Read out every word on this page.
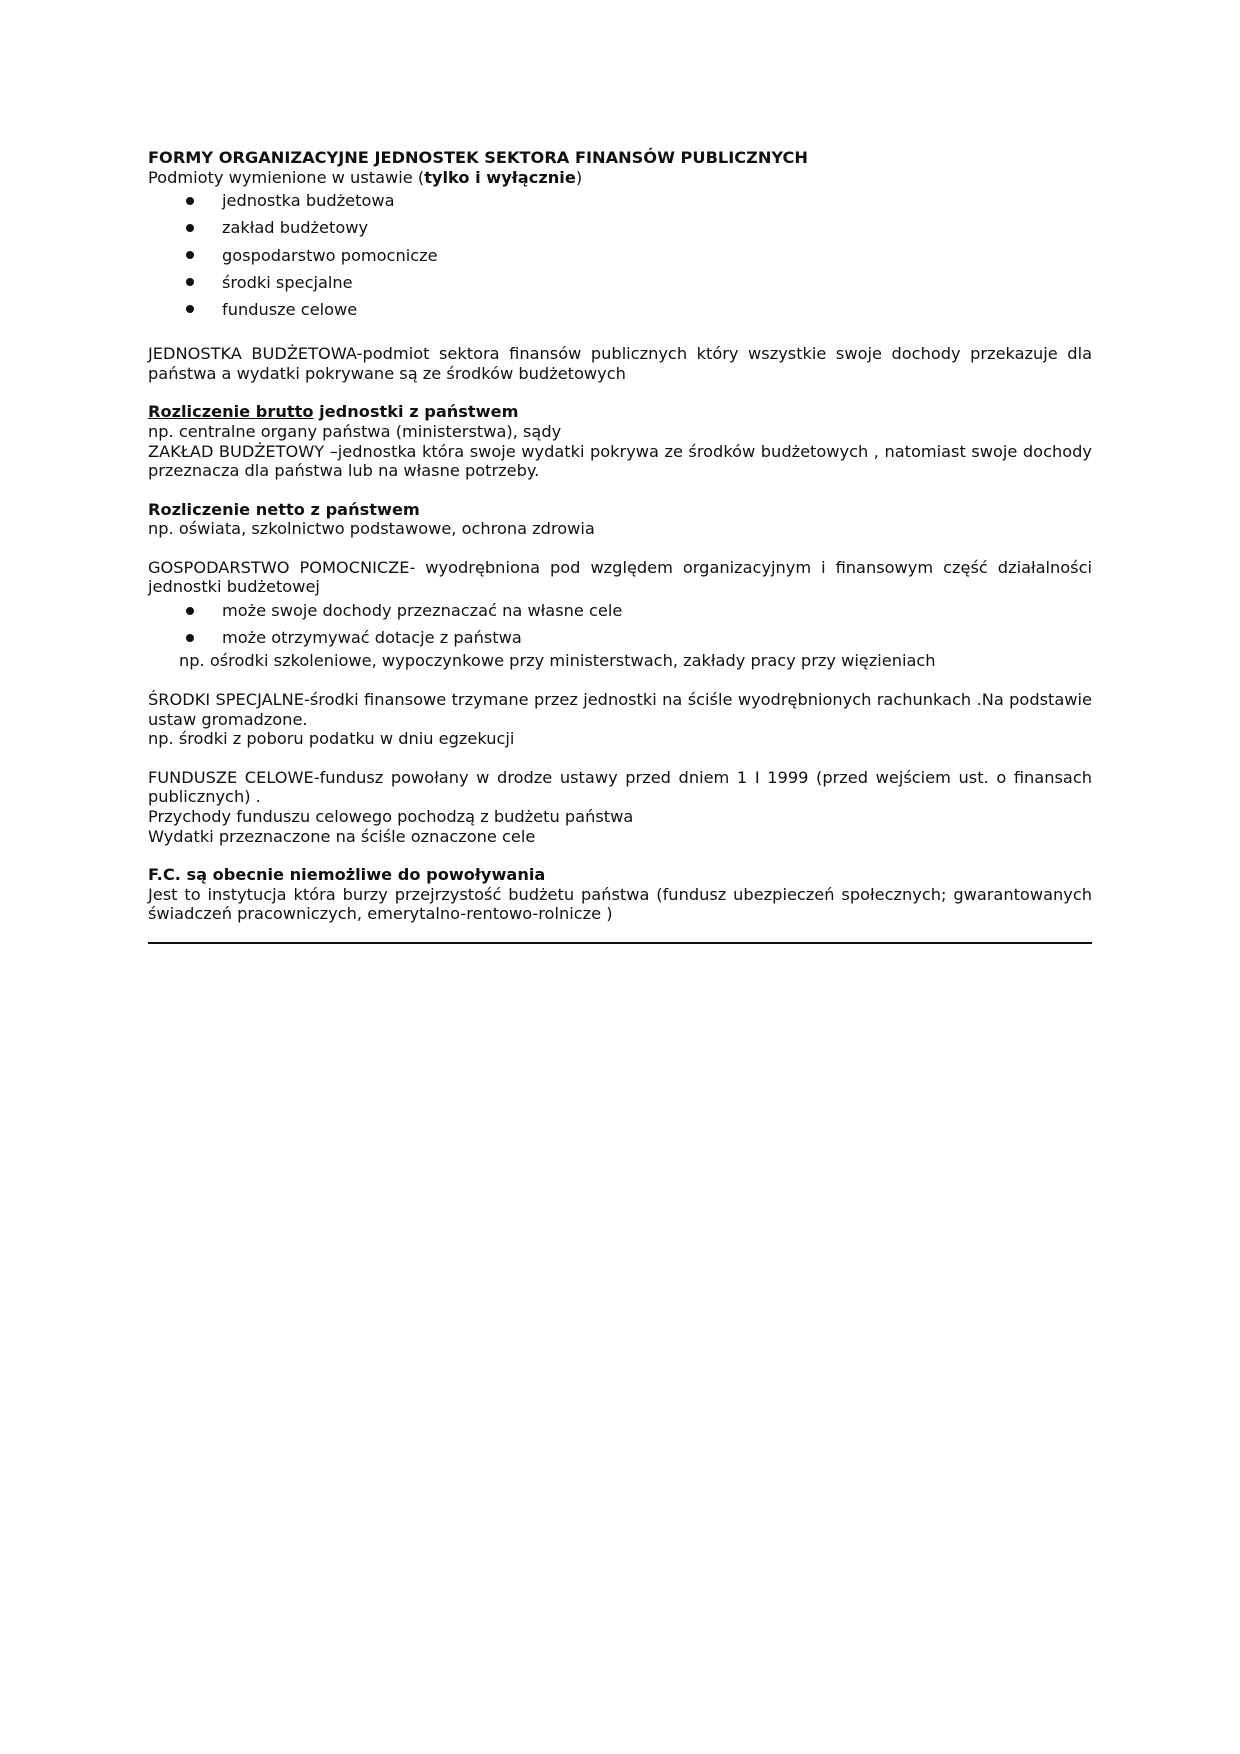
FORMY ORGANIZACYJNE JEDNOSTEK SEKTORA FINANSÓW PUBLICZNYCH

Podmioty wymienione w ustawie (tylko i wyłącznie)

jednostka budżetowa
zakład budżetowy
gospodarstwo pomocnicze
środki specjalne
fundusze celowe

JEDNOSTKA BUDŻETOWA-podmiot sektora finansów publicznych który wszystkie swoje dochody przekazuje dla państwa a wydatki pokrywane są ze środków budżetowych

Rozliczenie brutto jednostki z państwem

np. centralne organy państwa (ministerstwa), sądy

ZAKŁAD BUDŻETOWY –jednostka która swoje wydatki pokrywa ze środków budżetowych , natomiast swoje dochody przeznacza dla państwa lub na własne potrzeby.

Rozliczenie netto z państwem

np. oświata, szkolnictwo podstawowe, ochrona zdrowia

GOSPODARSTWO POMOCNICZE- wyodrębniona pod względem organizacyjnym i finansowym część działalności jednostki budżetowej

może swoje dochody przeznaczać na własne cele
może otrzymywać dotacje z państwa

np. ośrodki szkoleniowe, wypoczynkowe przy ministerstwach, zakłady pracy przy więzieniach

ŚRODKI SPECJALNE-środki finansowe trzymane przez jednostki na ściśle wyodrębnionych rachunkach .Na podstawie ustaw gromadzone.

np. środki z poboru podatku w dniu egzekucji

FUNDUSZE CELOWE-fundusz powołany w drodze ustawy przed dniem 1 I 1999 (przed wejściem ust. o finansach publicznych) .

Przychody funduszu celowego pochodzą z budżetu państwa

Wydatki przeznaczone na ściśle oznaczone cele

F.C. są obecnie niemożliwe do powoływania

Jest to instytucja która burzy przejrzystość budżetu państwa (fundusz ubezpieczeń społecznych; gwarantowanych świadczeń pracowniczych, emerytalno-rentowo-rolnicze )
